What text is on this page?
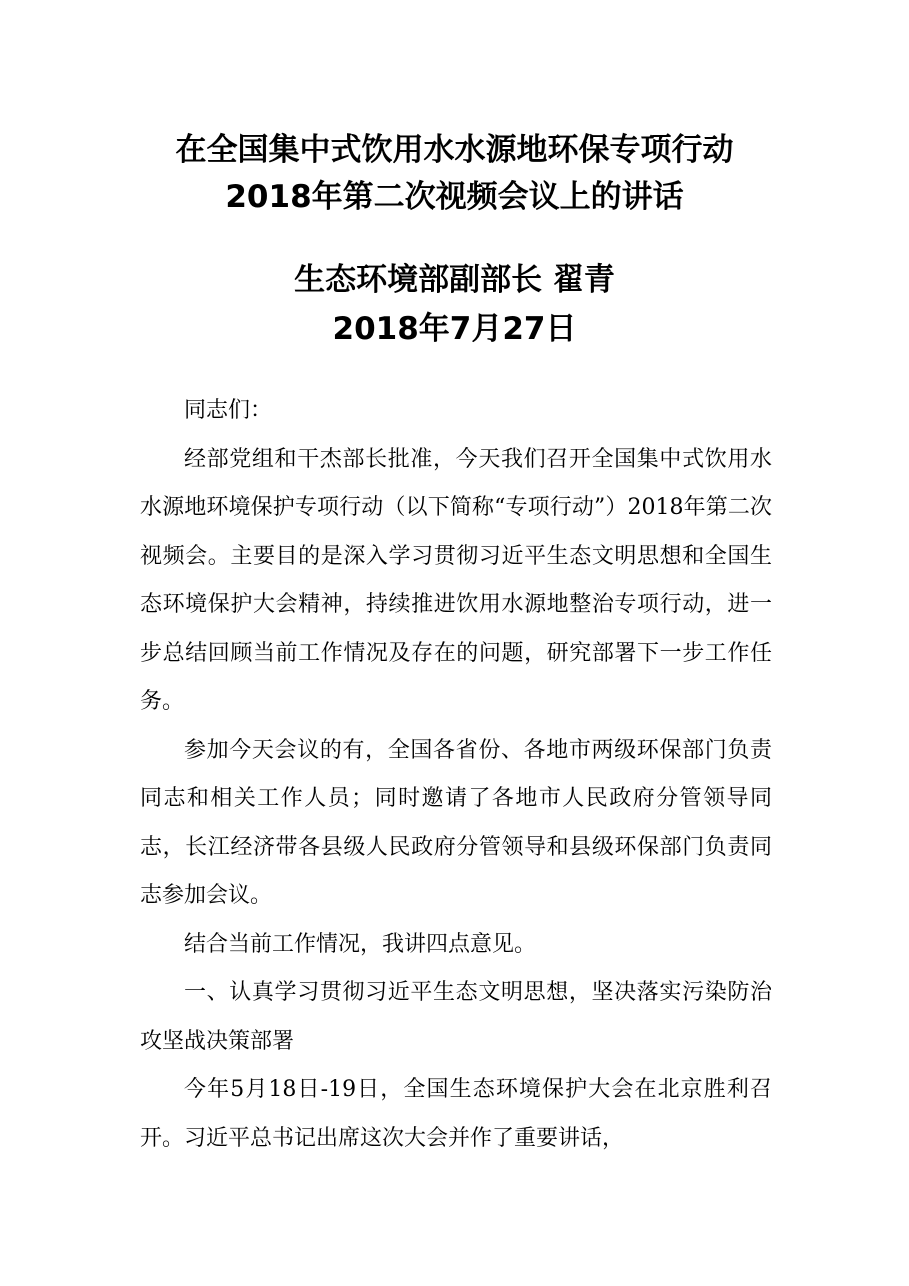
在全国集中式饮用水水源地环保专项行动
2018年第二次视频会议上的讲话
生态环境部副部长 翟青
2018年7月27日

同志们：

经部党组和干杰部长批准，今天我们召开全国集中式饮用水水源地环境保护专项行动（以下简称“专项行动”）2018年第二次视频会。主要目的是深入学习贯彻习近平生态文明思想和全国生态环境保护大会精神，持续推进饮用水源地整治专项行动，进一步总结回顾当前工作情况及存在的问题，研究部署下一步工作任务。

参加今天会议的有，全国各省份、各地市两级环保部门负责同志和相关工作人员；同时邀请了各地市人民政府分管领导同志，长江经济带各县级人民政府分管领导和县级环保部门负责同志参加会议。

结合当前工作情况，我讲四点意见。

一、认真学习贯彻习近平生态文明思想，坚决落实污染防治攻坚战决策部署

今年5月18日-19日，全国生态环境保护大会在北京胜利召开。习近平总书记出席这次大会并作了重要讲话，
